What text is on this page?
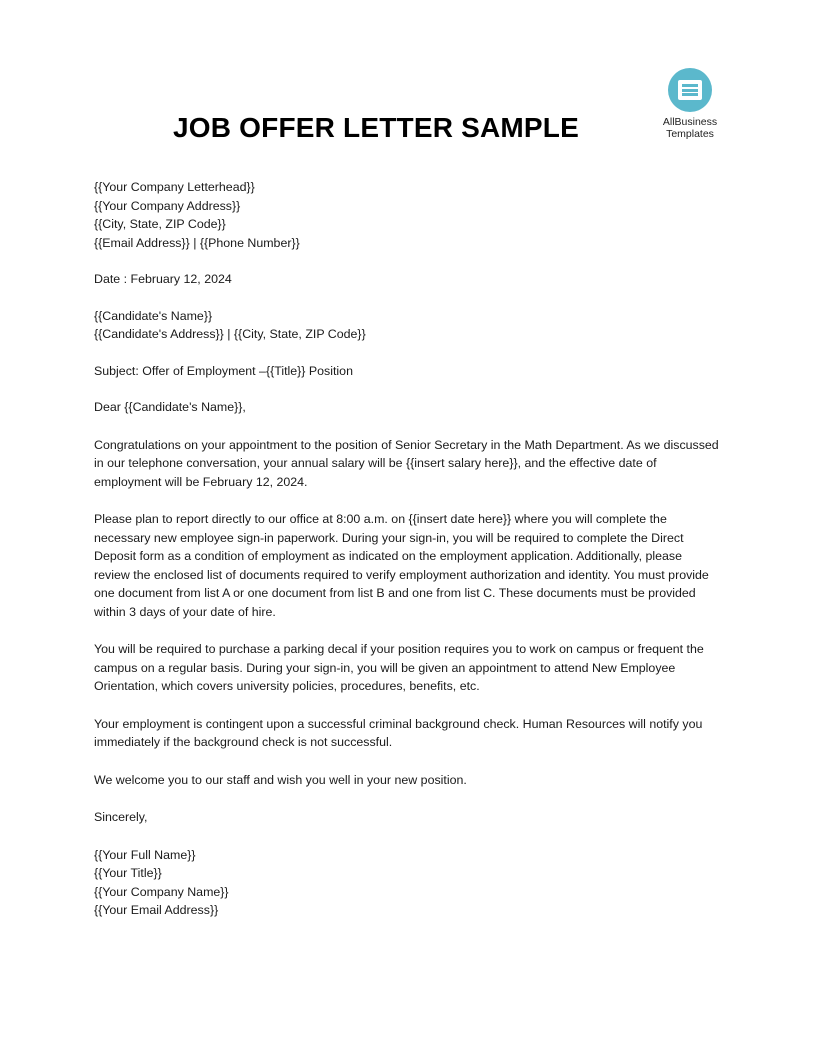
AllBusiness
Templates
JOB OFFER LETTER SAMPLE

{{Your Company Letterhead}}

{{Your Company Address}}

{{City, State, ZIP Code}}

{{Email Address}} | {{Phone Number}}

Date : February 12, 2024

{{Candidate's Name}}

{{Candidate's Address}} | {{City, State, ZIP Code}}

Subject: Offer of Employment –{{Title}} Position

Dear {{Candidate's Name}},

Congratulations on your appointment to the position of Senior Secretary in the Math Department. As we discussed in our telephone conversation, your annual salary will be {{insert salary here}}, and the effective date of employment will be February 12, 2024.

Please plan to report directly to our office at 8:00 a.m. on {{insert date here}} where you will complete the necessary new employee sign-in paperwork. During your sign-in, you will be required to complete the Direct Deposit form as a condition of employment as indicated on the employment application. Additionally, please review the enclosed list of documents required to verify employment authorization and identity. You must provide one document from list A or one document from list B and one from list C. These documents must be provided within 3 days of your date of hire.

You will be required to purchase a parking decal if your position requires you to work on campus or frequent the campus on a regular basis. During your sign-in, you will be given an appointment to attend New Employee Orientation, which covers university policies, procedures, benefits, etc.

Your employment is contingent upon a successful criminal background check. Human Resources will notify you immediately if the background check is not successful.

We welcome you to our staff and wish you well in your new position.

Sincerely,

{{Your Full Name}}

{{Your Title}}

{{Your Company Name}}

{{Your Email Address}}
